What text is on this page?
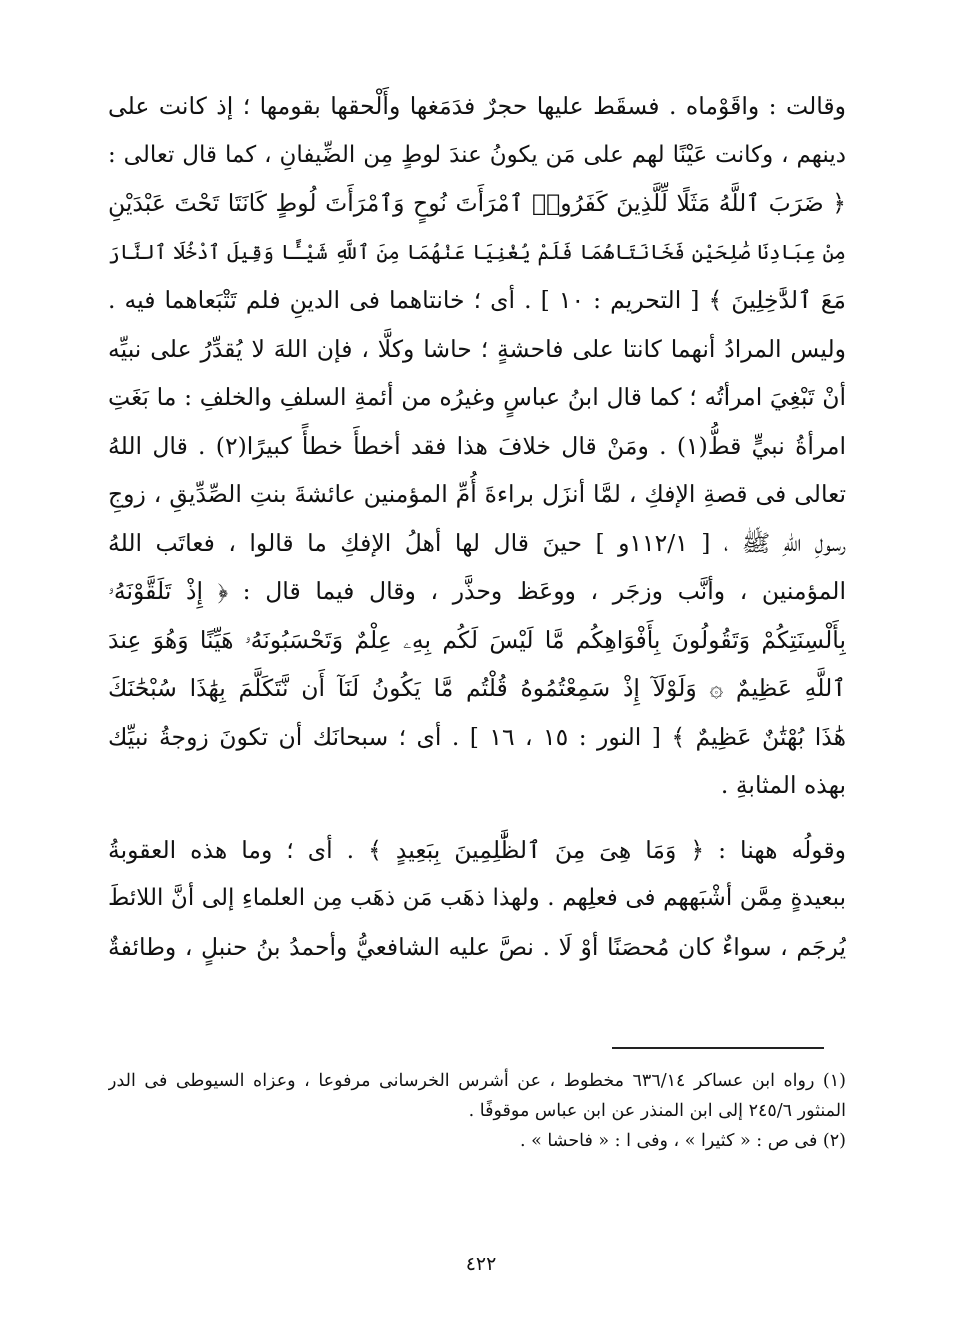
وقالت : واقَوْماه . فسقَط عليها حجرٌ فدَمَغها وأَلْحقها بقومها ؛ إذ كانت على
دينهم ، وكانت عَيْنًا لهم على مَن يكونُ عندَ لوطٍ مِن الضِّيفانِ ، كما قال تعالى :
﴿ ضَرَبَ ٱللَّهُ مَثَلًا لِّلَّذِينَ كَفَرُوا۟ ٱمْرَأَتَ نُوحٍ وَٱمْرَأَتَ لُوطٍ كَانَتَا تَحْتَ عَبْدَيْنِ
مِنْ عِبَادِنَا صَٰلِحَيْنِ فَخَانَتَاهُمَا فَلَمْ يُغْنِيَا عَنْهُمَا مِنَ ٱللَّهِ شَيْـًٔا وَقِيلَ ٱدْخُلَا ٱلنَّارَ
مَعَ ٱلدَّٰخِلِينَ ﴾ [ التحريم : ١٠ ] . أى ؛ خانتاهما فى الدينِ فلم تَتْبَعاهما فيه .
وليس المرادُ أنهما كانتا على فاحشةٍ ؛ حاشا وكلَّا ، فإن اللهَ لا يُقدِّرُ على نبيِّه
أنْ تَبْغِيَ امرأتُه ؛ كما قال ابنُ عباسٍ وغيرُه من أئمةِ السلفِ والخلفِ : ما بَغَتِ
امرأةُ نبيٍّ قطُّ(١) . ومَنْ قال خلافَ هذا فقد أخطأَ خطأً كبيرًا(٢) . قال اللهُ
تعالى فى قصةِ الإفكِ ، لمَّا أنزَل براءةَ أُمِّ المؤمنين عائشةَ بنتِ الصِّدِّيقِ ، زوجِ
رسولِ اللهِ ﷺ ، [ ١١٢/١و ] حينَ قال لها أهلُ الإفكِ ما قالوا ، فعاتَب اللهُ
المؤمنين ، وأنَّب وزجَر ، ووعَظ وحذَّر ، وقال فيما قال : ﴿ إِذْ تَلَقَّوْنَهُۥ
بِأَلْسِنَتِكُمْ وَتَقُولُونَ بِأَفْوَاهِكُم مَّا لَيْسَ لَكُم بِهِۦ عِلْمٌ وَتَحْسَبُونَهُۥ هَيِّنًا وَهُوَ عِندَ
ٱللَّهِ عَظِيمٌ ۞ وَلَوْلَآ إِذْ سَمِعْتُمُوهُ قُلْتُم مَّا يَكُونُ لَنَآ أَن نَّتَكَلَّمَ بِهَٰذَا سُبْحَٰنَكَ
هَٰذَا بُهْتَٰنٌ عَظِيمٌ ﴾ [ النور : ١٥ ، ١٦ ] . أى ؛ سبحانَك أن تكونَ زوجةُ نبيِّك
بهذه المثابةِ .
وقولُه ههنا : ﴿ وَمَا هِىَ مِنَ ٱلظَّٰلِمِينَ بِبَعِيدٍ ﴾ . أى ؛ وما هذه العقوبةُ
ببعيدةٍ مِمَّن أشْبَههم فى فعلِهم . ولهذا ذهَب مَن ذهَب مِن العلماءِ إلى أنَّ اللائطَ
يُرجَم ، سواءٌ كان مُحصَنًا أوْ لَا . نصَّ عليه الشافعيُّ وأحمدُ بنُ حنبلٍ ، وطائفةٌ
(١) رواه ابن عساكر ٦٣٦/١٤ مخطوط ، عن أشرس الخرسانى مرفوعا ، وعزاه السيوطى فى الدر
المنثور ٢٤٥/٦ إلى ابن المنذر عن ابن عباس موقوفًا .
(٢) فى ص : « كثيرا » ، وفى ا : « فاحشا » .
٤٢٢
